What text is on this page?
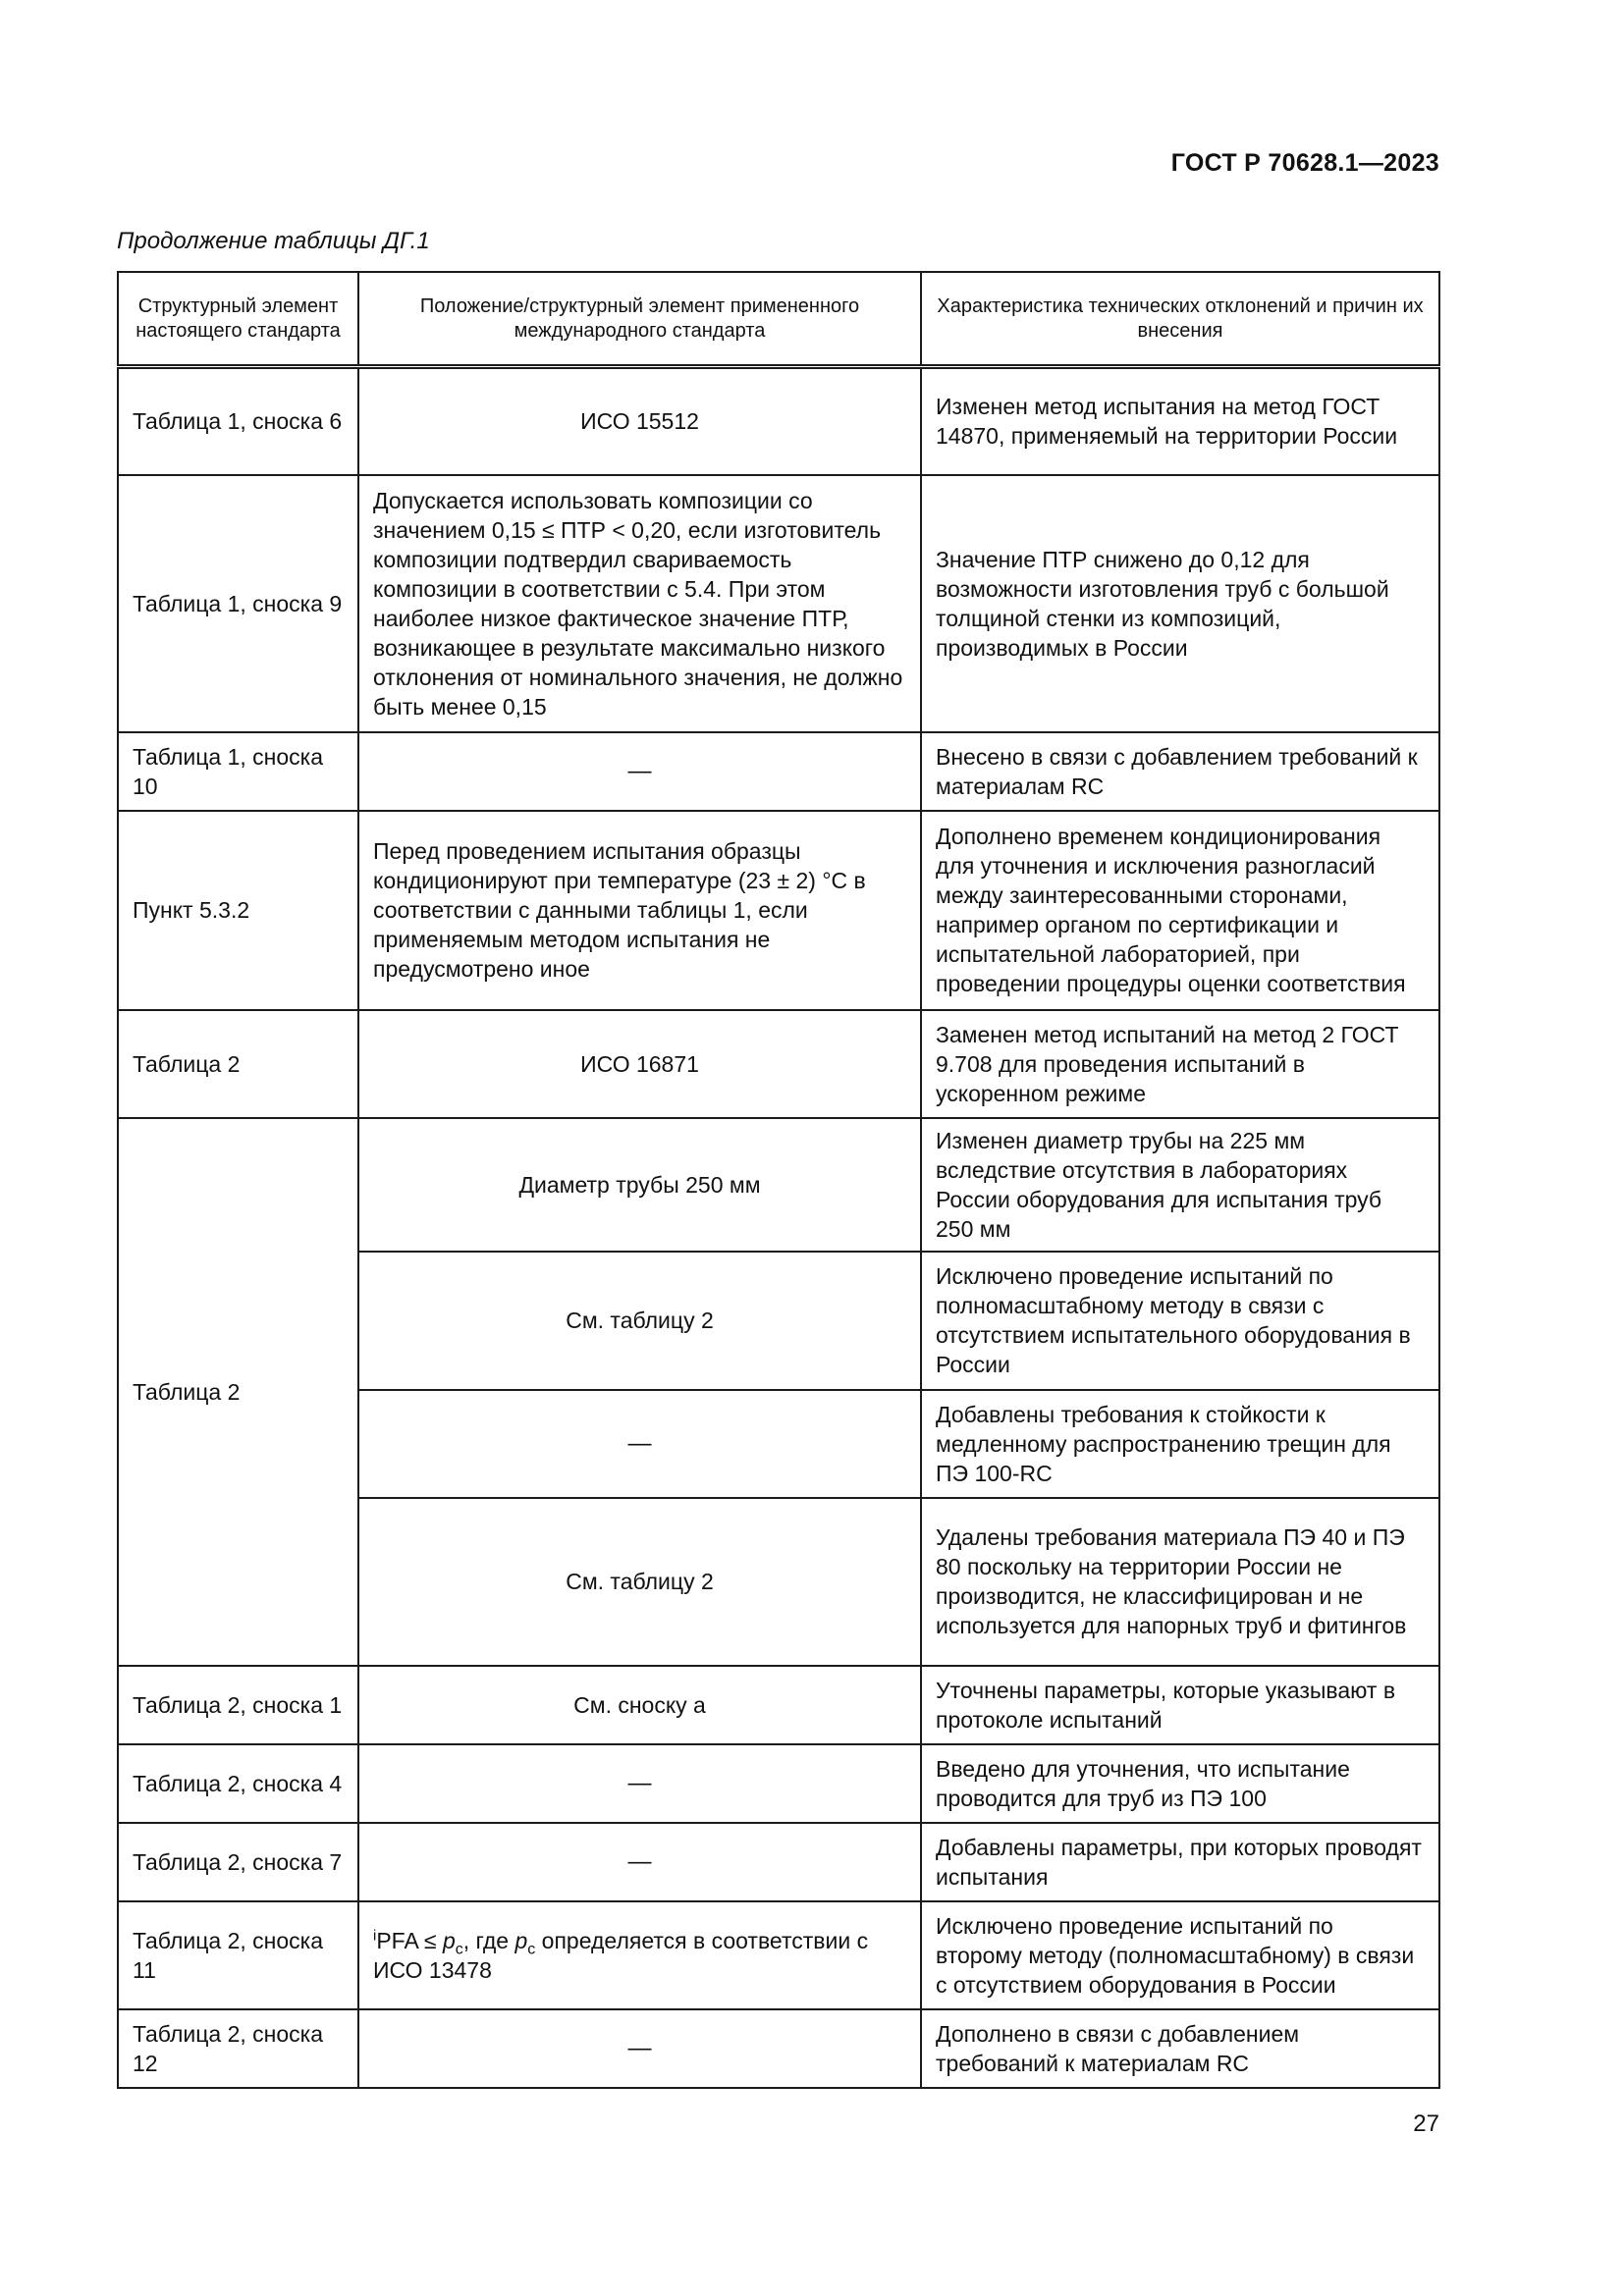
ГОСТ Р 70628.1—2023
Продолжение таблицы ДГ.1
Структурный элемент настоящего стандарта	Положение/структурный элемент примененного международного стандарта	Характеристика технических отклонений и причин их внесения
Таблица 1, сноска 6	ИСО 15512	Изменен метод испытания на метод ГОСТ 14870, применяемый на территории России
Таблица 1, сноска 9	Допускается использовать композиции со значением 0,15 ≤ ПТР < 0,20, если изготовитель композиции подтвердил свариваемость композиции в соответствии с 5.4. При этом наиболее низкое фактическое значение ПТР, возникающее в результате максимально низкого отклонения от номинального значения, не должно быть менее 0,15	Значение ПТР снижено до 0,12 для возможности изготовления труб с большой толщиной стенки из композиций, производимых в России
Таблица 1, сноска 10	—	Внесено в связи с добавлением требований к материалам RC
Пункт 5.3.2	Перед проведением испытания образцы кондиционируют при температуре (23 ± 2) °С в соответствии с данными таблицы 1, если применяемым методом испытания не предусмотрено иное	Дополнено временем кондиционирования для уточнения и исключения разногласий между заинтересованными сторонами, например органом по сертификации и испытательной лабораторией, при проведении процедуры оценки соответствия
Таблица 2	ИСО 16871	Заменен метод испытаний на метод 2 ГОСТ 9.708 для проведения испытаний в ускоренном режиме
Таблица 2	Диаметр трубы 250 мм	Изменен диаметр трубы на 225 мм вследствие отсутствия в лабораториях России оборудования для испытания труб 250 мм
	См. таблицу 2	Исключено проведение испытаний по полномасштабному методу в связи с отсутствием испытательного оборудования в России
	—	Добавлены требования к стойкости к медленному распространению трещин для ПЭ 100-RC
	См. таблицу 2	Удалены требования материала ПЭ 40 и ПЭ 80 поскольку на территории России не производится, не классифицирован и не используется для напорных труб и фитингов
Таблица 2, сноска 1	См. сноску а	Уточнены параметры, которые указывают в протоколе испытаний
Таблица 2, сноска 4	—	Введено для уточнения, что испытание проводится для труб из ПЭ 100
Таблица 2, сноска 7	—	Добавлены параметры, при которых проводят испытания
Таблица 2, сноска 11	$^iPFA \le p_c$, где $p_c$ определяется в соответствии с ИСО 13478	Исключено проведение испытаний по второму методу (полномасштабному) в связи с отсутствием оборудования в России
Таблица 2, сноска 12	—	Дополнено в связи с добавлением требований к материалам RC
27
